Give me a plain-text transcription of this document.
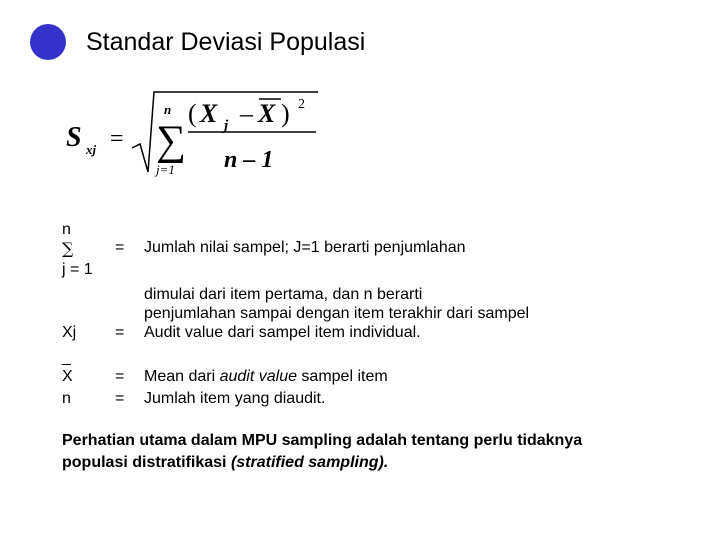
Standar Deviasi Populasi
S xj =
n
∑
j=1
( X j – X ) 2
n – 1
n
∑
j = 1
= Jumlah nilai sampel; J=1 berarti penjumlahan
dimulai dari item pertama, dan n berarti
penjumlahan sampai dengan item terakhir dari sampel
Xj = Audit value dari sampel item individual.
_
X	= Mean dari audit value sampel item
n	= Jumlah item yang diaudit.
Perhatian utama dalam MPU sampling adalah tentang perlu tidaknya
populasi distratifikasi (stratified sampling).
